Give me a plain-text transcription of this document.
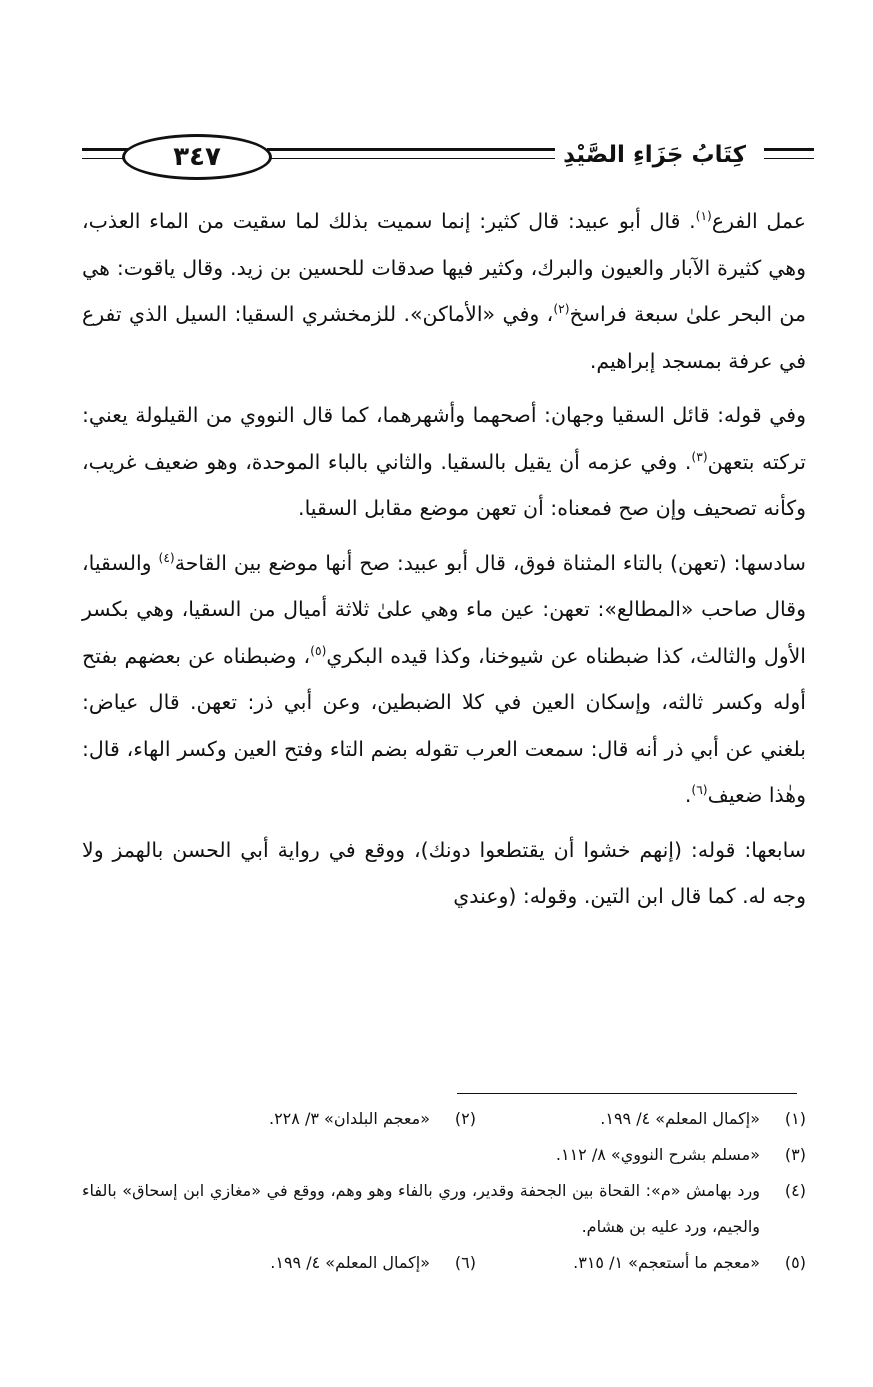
٣٤٧	كِتَابُ جَزَاءِ الصَّيْدِ

عمل الفرع$^{(١)}$. قال أبو عبيد: قال كثير: إنما سميت بذلك لما سقيت من الماء العذب، وهي كثيرة الآبار والعيون والبرك، وكثير فيها صدقات للحسين بن زيد. وقال ياقوت: هي من البحر علىٰ سبعة فراسخ$^{(٢)}$، وفي «الأماكن». للزمخشري السقيا: السيل الذي تفرع في عرفة بمسجد إبراهيم.

وفي قوله: قائل السقيا وجهان: أصحهما وأشهرهما، كما قال النووي من القيلولة يعني: تركته بتعهن$^{(٣)}$. وفي عزمه أن يقيل بالسقيا. والثاني بالباء الموحدة، وهو ضعيف غريب، وكأنه تصحيف وإن صح فمعناه: أن تعهن موضع مقابل السقيا.

سادسها: (تعهن) بالتاء المثناة فوق، قال أبو عبيد: صح أنها موضع بين القاحة$^{(٤)}$ والسقيا، وقال صاحب «المطالع»: تعهن: عين ماء وهي علىٰ ثلاثة أميال من السقيا، وهي بكسر الأول والثالث، كذا ضبطناه عن شيوخنا، وكذا قيده البكري$^{(٥)}$، وضبطناه عن بعضهم بفتح أوله وكسر ثالثه، وإسكان العين في كلا الضبطين، وعن أبي ذر: تعهن. قال عياض: بلغني عن أبي ذر أنه قال: سمعت العرب تقوله بضم التاء وفتح العين وكسر الهاء، قال: وهٰذا ضعيف$^{(٦)}$.

سابعها: قوله: (إنهم خشوا أن يقتطعوا دونك)، ووقع في رواية أبي الحسن بالهمز ولا وجه له. كما قال ابن التين. وقوله: (وعندي

(١)
«إكمال المعلم» ٤/ ١٩٩.
(٢)
«معجم البلدان» ٣/ ٢٢٨.
(٣)
«مسلم بشرح النووي» ٨/ ١١٢.
(٤)
ورد بهامش «م»: القحاة بين الجحفة وقدير، وري بالفاء وهو وهم، ووقع في «مغازي ابن إسحاق» بالفاء والجيم، ورد عليه بن هشام.
(٥)
«معجم ما أستعجم» ١/ ٣١٥.
(٦)
«إكمال المعلم» ٤/ ١٩٩.
